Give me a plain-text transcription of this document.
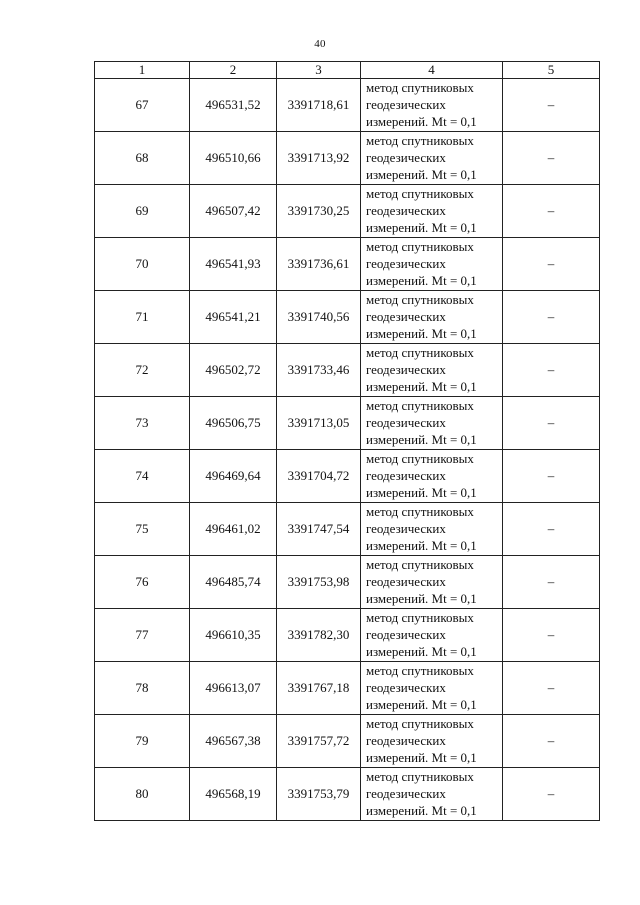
40
1	2	3	4	5
67	496531,52	3391718,61	метод спутниковых
геодезических
измерений. Mt = 0,1	–
68	496510,66	3391713,92	метод спутниковых
геодезических
измерений. Mt = 0,1	–
69	496507,42	3391730,25	метод спутниковых
геодезических
измерений. Mt = 0,1	–
70	496541,93	3391736,61	метод спутниковых
геодезических
измерений. Mt = 0,1	–
71	496541,21	3391740,56	метод спутниковых
геодезических
измерений. Mt = 0,1	–
72	496502,72	3391733,46	метод спутниковых
геодезических
измерений. Mt = 0,1	–
73	496506,75	3391713,05	метод спутниковых
геодезических
измерений. Mt = 0,1	–
74	496469,64	3391704,72	метод спутниковых
геодезических
измерений. Mt = 0,1	–
75	496461,02	3391747,54	метод спутниковых
геодезических
измерений. Mt = 0,1	–
76	496485,74	3391753,98	метод спутниковых
геодезических
измерений. Mt = 0,1	–
77	496610,35	3391782,30	метод спутниковых
геодезических
измерений. Mt = 0,1	–
78	496613,07	3391767,18	метод спутниковых
геодезических
измерений. Mt = 0,1	–
79	496567,38	3391757,72	метод спутниковых
геодезических
измерений. Mt = 0,1	–
80	496568,19	3391753,79	метод спутниковых
геодезических
измерений. Mt = 0,1	–
